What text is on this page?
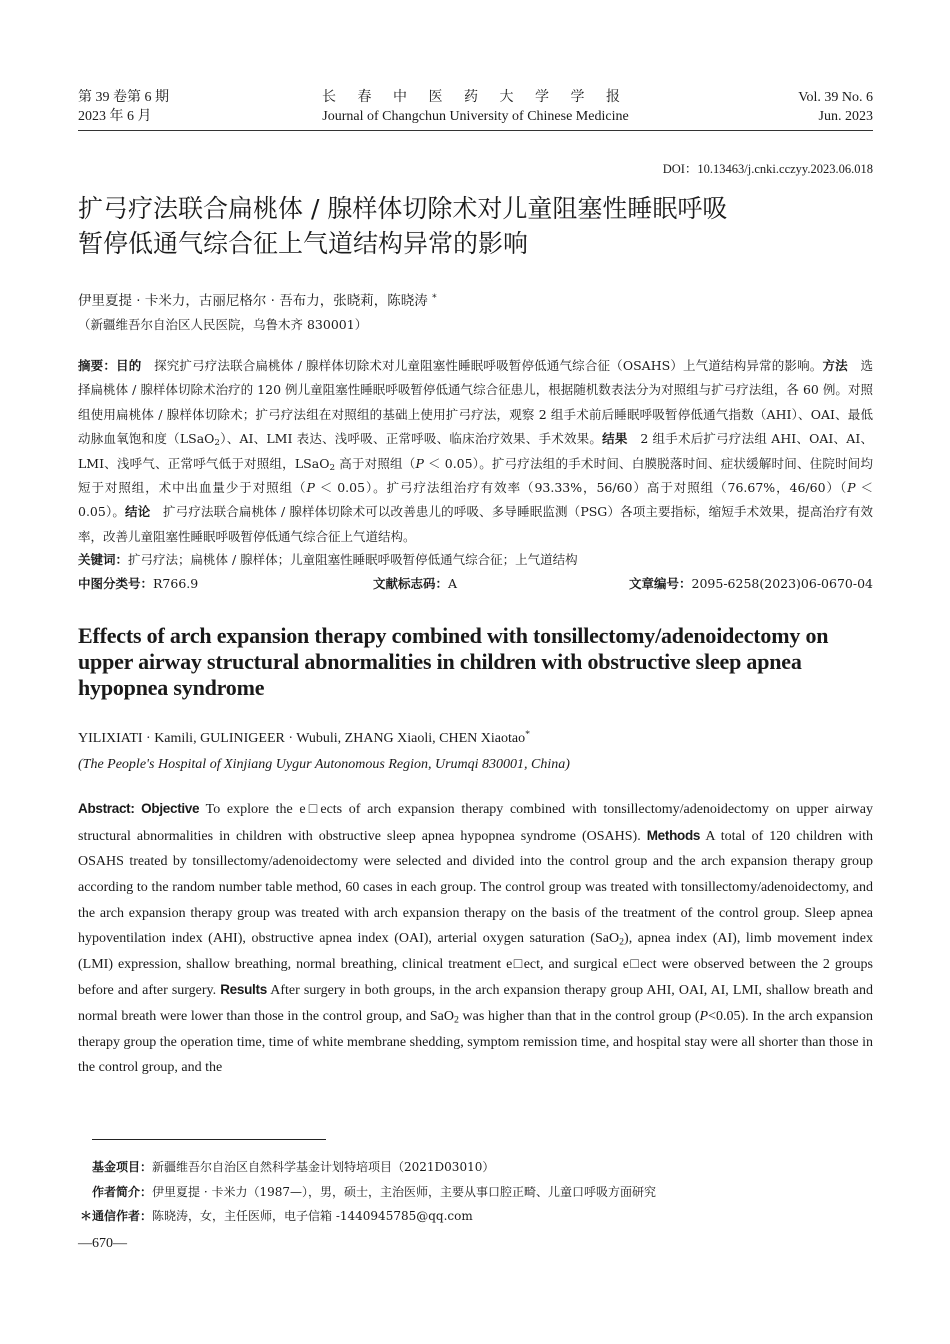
第 39 卷第 6 期
2023 年 6 月
长 春 中 医 药 大 学 学 报
Journal of Changchun University of Chinese Medicine
Vol. 39 No. 6
Jun. 2023
DOI：10.13463/j.cnki.cczyy.2023.06.018
扩弓疗法联合扁桃体 / 腺样体切除术对儿童阻塞性睡眠呼吸
暂停低通气综合征上气道结构异常的影响
伊里夏提 · 卡米力，古丽尼格尔 · 吾布力，张晓莉，陈晓涛 *
（新疆维吾尔自治区人民医院，乌鲁木齐 830001）
摘要：目的　探究扩弓疗法联合扁桃体 / 腺样体切除术对儿童阻塞性睡眠呼吸暂停低通气综合征（OSAHS）上气道结构异常的影响。方法　选择扁桃体 / 腺样体切除术治疗的 120 例儿童阻塞性睡眠呼吸暂停低通气综合征患儿，根据随机数表法分为对照组与扩弓疗法组，各 60 例。对照组使用扁桃体 / 腺样体切除术；扩弓疗法组在对照组的基础上使用扩弓疗法，观察 2 组手术前后睡眠呼吸暂停低通气指数（AHI）、OAI、最低动脉血氧饱和度（LSaO$_2$）、AI、LMI 表达、浅呼吸、正常呼吸、临床治疗效果、手术效果。结果　2 组手术后扩弓疗法组 AHI、OAI、AI、LMI、浅呼气、正常呼气低于对照组，LSaO$_2$ 高于对照组（P ＜ 0.05）。扩弓疗法组的手术时间、白膜脱落时间、症状缓解时间、住院时间均短于对照组，术中出血量少于对照组（P ＜ 0.05）。扩弓疗法组治疗有效率（93.33%，56/60）高于对照组（76.67%，46/60）（P ＜ 0.05）。结论　扩弓疗法联合扁桃体 / 腺样体切除术可以改善患儿的呼吸、多导睡眠监测（PSG）各项主要指标，缩短手术效果，提高治疗有效率，改善儿童阻塞性睡眠呼吸暂停低通气综合征上气道结构。
关键词：扩弓疗法；扁桃体 / 腺样体；儿童阻塞性睡眠呼吸暂停低通气综合征；上气道结构
中图分类号：R766.9	文献标志码：A	文章编号：2095-6258(2023)06-0670-04
Effects of arch expansion therapy combined with tonsillectomy/adenoidectomy on upper airway structural abnormalities in children with obstructive sleep apnea hypopnea syndrome
YILIXIATI · Kamili, GULINIGEER · Wubuli, ZHANG Xiaoli, CHEN Xiaotao*
(The People's Hospital of Xinjiang Uygur Autonomous Region, Urumqi 830001, China)
Abstract: Objective To explore the e□ects of arch expansion therapy combined with tonsillectomy/adenoidectomy on upper airway structural abnormalities in children with obstructive sleep apnea hypopnea syndrome (OSAHS). Methods A total of 120 children with OSAHS treated by tonsillectomy/adenoidectomy were selected and divided into the control group and the arch expansion therapy group according to the random number table method, 60 cases in each group. The control group was treated with tonsillectomy/adenoidectomy, and the arch expansion therapy group was treated with arch expansion therapy on the basis of the treatment of the control group. Sleep apnea hypoventilation index (AHI), obstructive apnea index (OAI), arterial oxygen saturation (SaO$_2$), apnea index (AI), limb movement index (LMI) expression, shallow breathing, normal breathing, clinical treatment e□ect, and surgical e□ect were observed between the 2 groups before and after surgery. Results After surgery in both groups, in the arch expansion therapy group AHI, OAI, AI, LMI, shallow breath and normal breath were lower than those in the control group, and SaO$_2$ was higher than that in the control group (P<0.05). In the arch expansion therapy group the operation time, time of white membrane shedding, symptom remission time, and hospital stay were all shorter than those in the control group, and the
基金项目：新疆维吾尔自治区自然科学基金计划特培项目（2021D03010）
作者简介：伊里夏提 · 卡米力（1987—），男，硕士，主治医师，主要从事口腔正畸、儿童口呼吸方面研究
＊通信作者：陈晓涛，女，主任医师，电子信箱 -1440945785@qq.com
—670—
